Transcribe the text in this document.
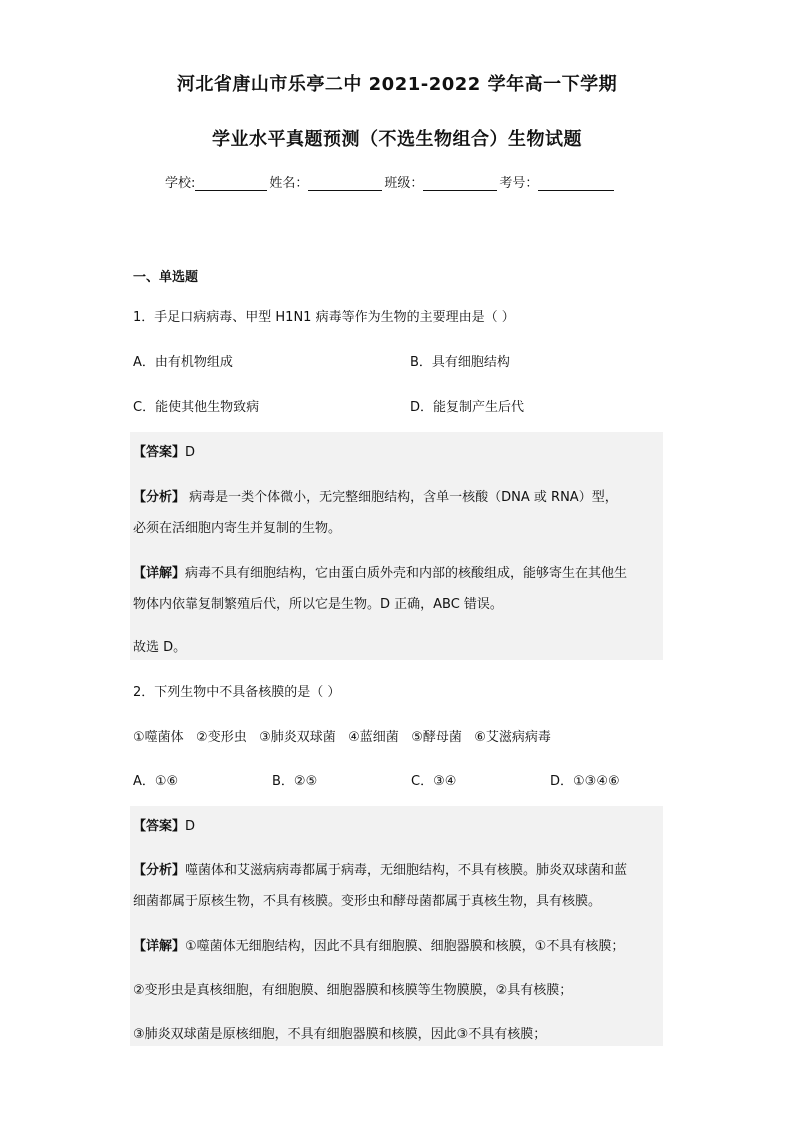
河北省唐山市乐亭二中 2021-2022 学年高一下学期
学业水平真题预测（不选生物组合）生物试题
学校:	姓名：	班级：	考号：
一、单选题
1．手足口病病毒、甲型 H1N1 病毒等作为生物的主要理由是（ ）
A．由有机物组成	B．具有细胞结构
C．能使其他生物致病	D．能复制产生后代
【答案】D
【分析】 病毒是一类个体微小，无完整细胞结构，含单一核酸（DNA 或 RNA）型，
必须在活细胞内寄生并复制的生物。
【详解】病毒不具有细胞结构，它由蛋白质外壳和内部的核酸组成，能够寄生在其他生
物体内依靠复制繁殖后代，所以它是生物。D 正确，ABC 错误。
故选 D。
2．下列生物中不具备核膜的是（ ）
①噬菌体   ②变形虫   ③肺炎双球菌   ④蓝细菌   ⑤酵母菌   ⑥艾滋病病毒
A．①⑥	B．②⑤	C．③④	D．①③④⑥
【答案】D
【分析】噬菌体和艾滋病病毒都属于病毒，无细胞结构，不具有核膜。肺炎双球菌和蓝
细菌都属于原核生物，不具有核膜。变形虫和酵母菌都属于真核生物，具有核膜。
【详解】①噬菌体无细胞结构，因此不具有细胞膜、细胞器膜和核膜，①不具有核膜；
②变形虫是真核细胞，有细胞膜、细胞器膜和核膜等生物膜膜，②具有核膜；
③肺炎双球菌是原核细胞，不具有细胞器膜和核膜，因此③不具有核膜；
